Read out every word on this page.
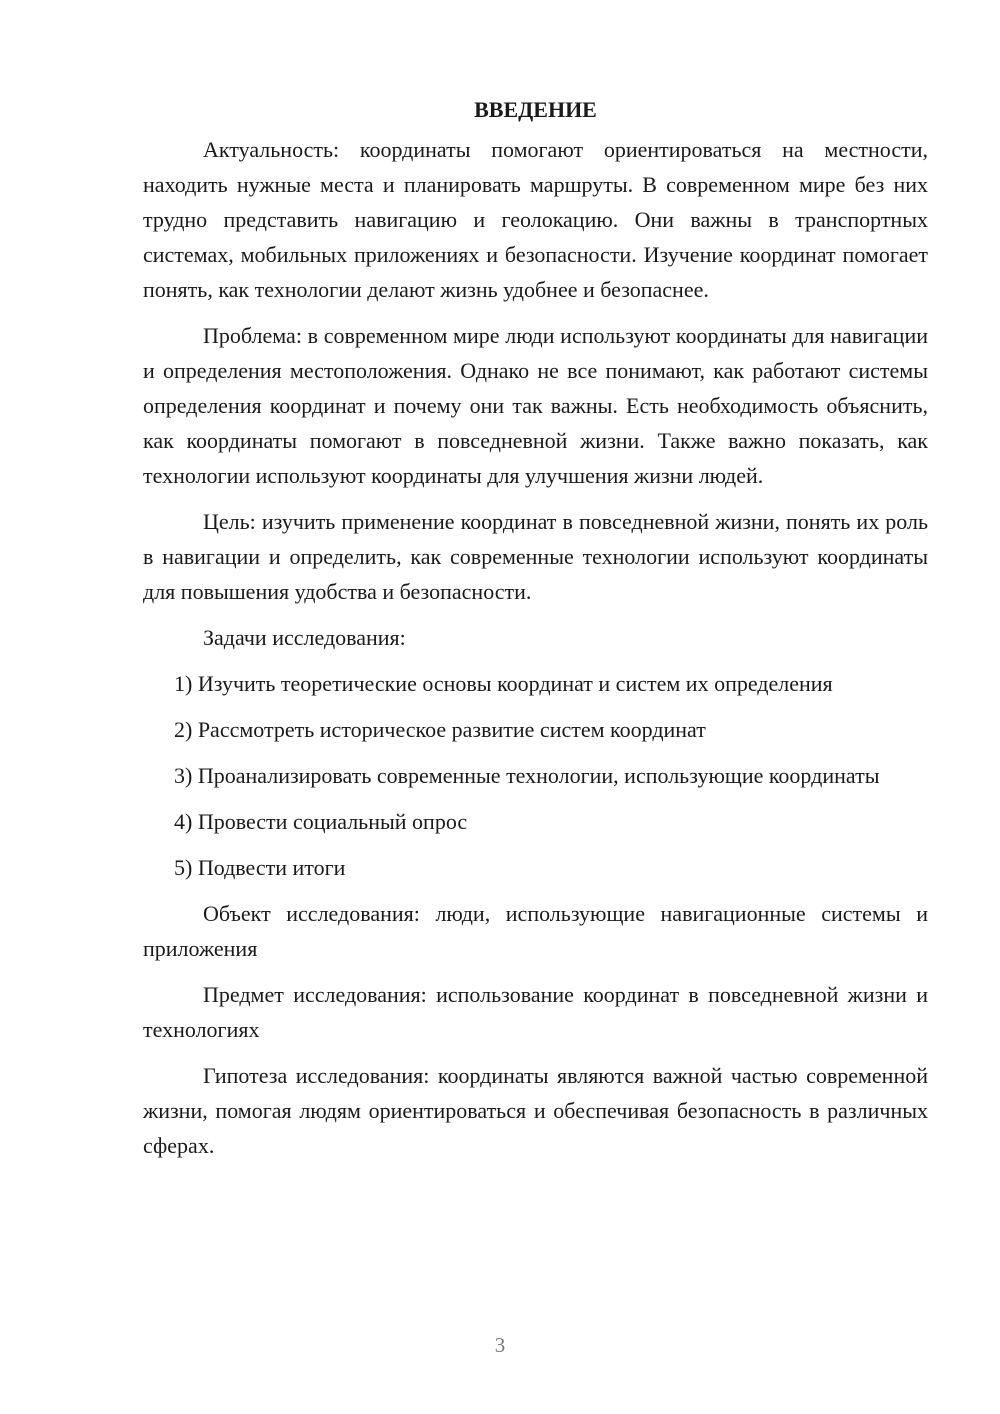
ВВЕДЕНИЕ

Актуальность: координаты помогают ориентироваться на местности, находить нужные места и планировать маршруты. В современном мире без них трудно представить навигацию и геолокацию. Они важны в транспортных системах, мобильных приложениях и безопасности. Изучение координат помогает понять, как технологии делают жизнь удобнее и безопаснее.

Проблема: в современном мире люди используют координаты для навигации и определения местоположения. Однако не все понимают, как работают системы определения координат и почему они так важны. Есть необходимость объяснить, как координаты помогают в повседневной жизни. Также важно показать, как технологии используют координаты для улучшения жизни людей.

Цель: изучить применение координат в повседневной жизни, понять их роль в навигации и определить, как современные технологии используют координаты для повышения удобства и безопасности.

Задачи исследования:

1) Изучить теоретические основы координат и систем их определения

2) Рассмотреть историческое развитие систем координат

3) Проанализировать современные технологии, использующие координаты

4) Провести социальный опрос

5) Подвести итоги

Объект исследования: люди, использующие навигационные системы и приложения

Предмет исследования: использование координат в повседневной жизни и технологиях

Гипотеза исследования: координаты являются важной частью современной жизни, помогая людям ориентироваться и обеспечивая безопасность в различных сферах.

3
